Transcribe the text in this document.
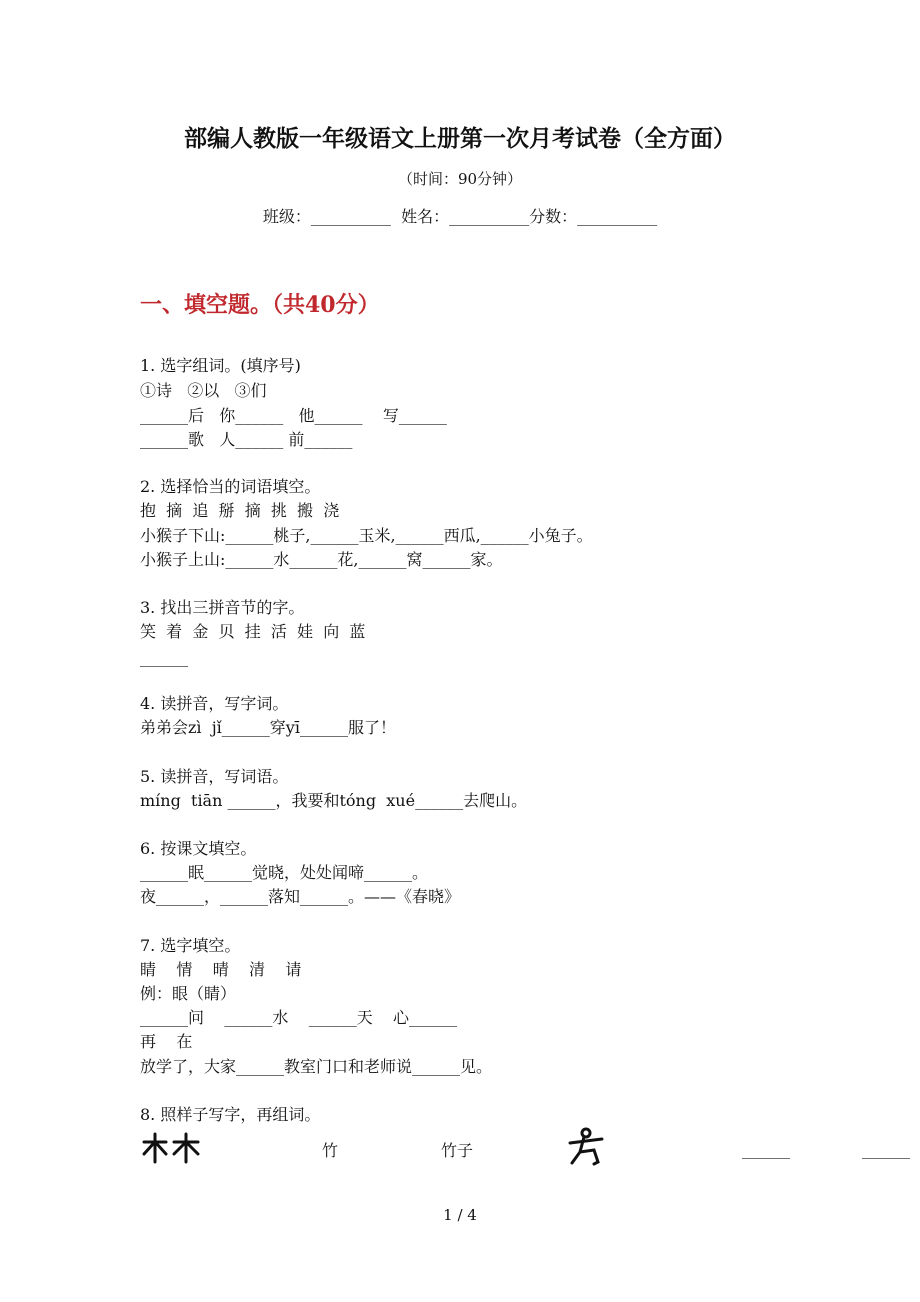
部编人教版一年级语文上册第一次月考试卷（全方面）
（时间：90分钟）
班级：__________  姓名：__________分数：__________
一、填空题。（共40分）
1. 选字组词。(填序号)
①诗   ②以   ③们
______后   你______   他______    写______
______歌   人______ 前______
2. 选择恰当的词语填空。
抱  摘  追  掰  摘  挑  搬  浇
小猴子下山:______桃子,______玉米,______西瓜,______小兔子。
小猴子上山:______水______花,______窝______家。
3. 找出三拼音节的字。
笑  着  金  贝  挂  活  娃  向  蓝
______
4. 读拼音，写字词。
弟弟会zì  jǐ______穿yī______服了！
5. 读拼音，写词语。
míng  tiān ______，我要和tóng  xué______去爬山。
6. 按课文填空。
______眠______觉晓，处处闻啼______。
夜______，______落知______。——《春晓》
7. 选字填空。
睛    情    晴    清    请
例：眼（睛）
______问    ______水    ______天    心______
再    在
放学了，大家______教室门口和老师说______见。
8. 照样子写字，再组词。
竹	竹子	______	______
1 / 4
